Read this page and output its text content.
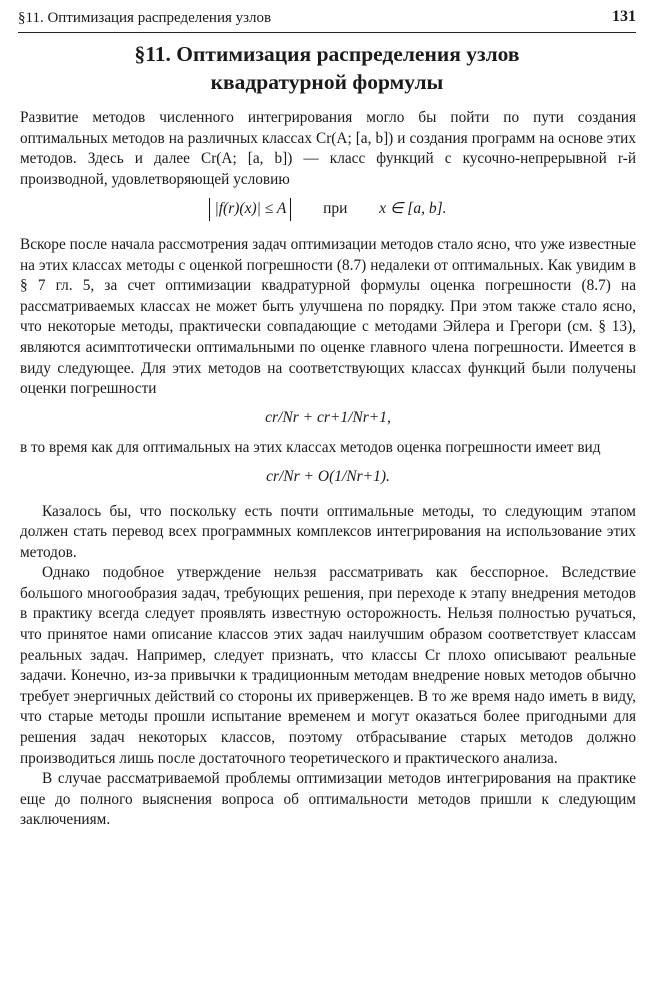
§11. Оптимизация распределения узлов	131
§11. Оптимизация распределения узлов
квадратурной формулы

Развитие методов численного интегрирования могло бы пойти по пути создания оптимальных методов на различных классах Cr(A; [a, b]) и создания программ на основе этих методов. Здесь и далее Cr(A; [a, b]) — класс функций с кусочно-непрерывной r-й производной, удовлетворяющей условию

|f(r)(x)| ≤ A при x ∈ [a, b].

Вскоре после начала рассмотрения задач оптимизации методов стало ясно, что уже известные на этих классах методы с оценкой погрешности (8.7) недалеки от оптимальных. Как увидим в § 7 гл. 5, за счет оптимизации квадратурной формулы оценка погрешности (8.7) на рассматриваемых классах не может быть улучшена по порядку. При этом также стало ясно, что некоторые методы, практически совпадающие с методами Эйлера и Грегори (см. § 13), являются асимптотически оптимальными по оценке главного члена погрешности. Имеется в виду следующее. Для этих методов на соответствующих классах функций были получены оценки погрешности

cr/Nr + cr+1/Nr+1,

в то время как для оптимальных на этих классах методов оценка погрешности имеет вид

cr/Nr + O(1/Nr+1).

Казалось бы, что поскольку есть почти оптимальные методы, то следующим этапом должен стать перевод всех программных комплексов интегрирования на использование этих методов.

Однако подобное утверждение нельзя рассматривать как бесспорное. Вследствие большого многообразия задач, требующих решения, при переходе к этапу внедрения методов в практику всегда следует проявлять известную осторожность. Нельзя полностью ручаться, что принятое нами описание классов этих задач наилучшим образом соответствует классам реальных задач. Например, следует признать, что классы Cr плохо описывают реальные задачи. Конечно, из-за привычки к традиционным методам внедрение новых методов обычно требует энергичных действий со стороны их приверженцев. В то же время надо иметь в виду, что старые методы прошли испытание временем и могут оказаться более пригодными для решения задач некоторых классов, поэтому отбрасывание старых методов должно производиться лишь после достаточного теоретического и практического анализа.

В случае рассматриваемой проблемы оптимизации методов интегрирования на практике еще до полного выяснения вопроса об оптимальности методов пришли к следующим заключениям.
